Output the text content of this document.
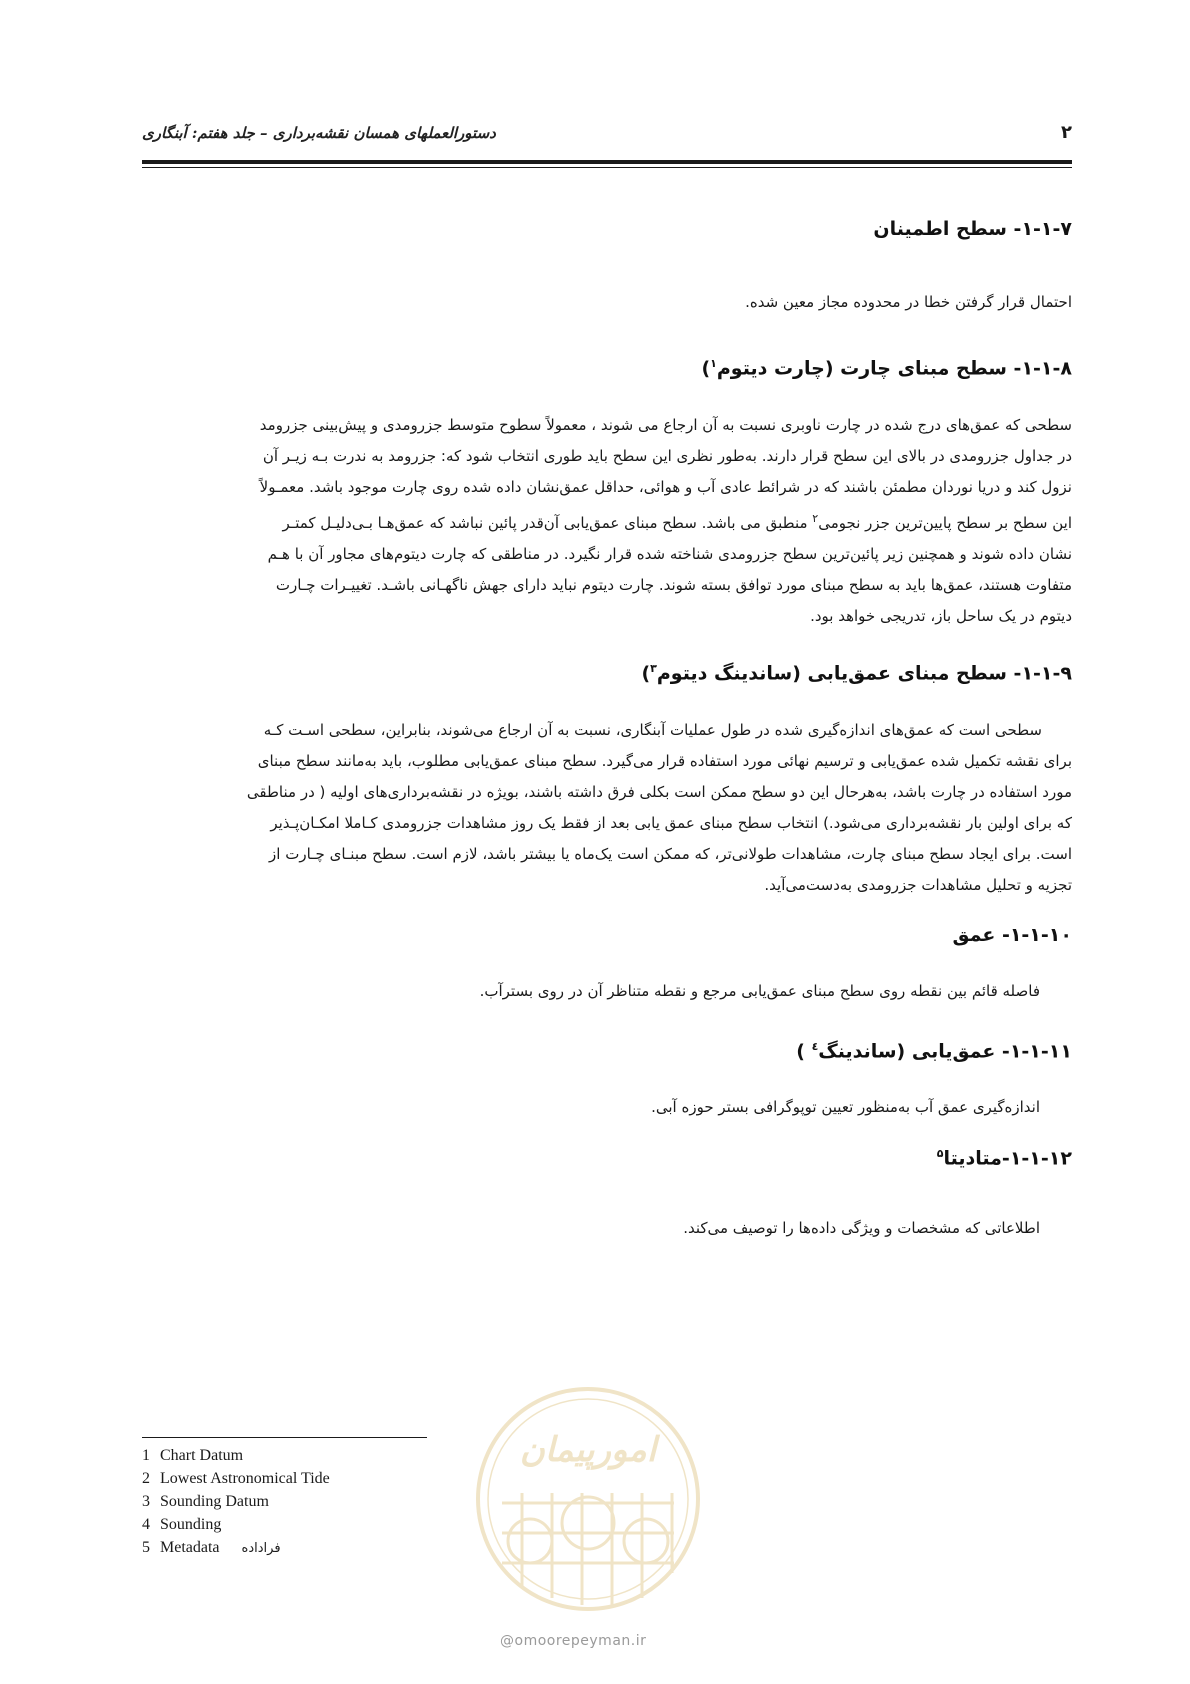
دستورالعملهای همسان نقشه‌برداری – جلد هفتم: آبنگاری	۲
۱-۱-۷- سطح اطمینان
احتمال قرار گرفتن خطا در محدوده مجاز معین شده.
۱-۱-۸- سطح مبنای چارت (چارت دیتوم$^۱$)
سطحی که عمق‌های درج شده در چارت ناوبری نسبت به آن ارجاع می شوند ، معمولاً سطوح متوسط جزرومدی و پیش‌بینی جزرومد
در جداول جزرومدی در بالای این سطح قرار دارند. به‌طور نظری این سطح باید طوری انتخاب شود که: جزرومد به ندرت بـه زیـر آن
نزول کند و دریا نوردان مطمئن باشند که در شرائط عادی آب و هوائی، حداقل عمق‌نشان داده شده روی چارت موجود باشد. معمـولاً
این سطح بر سطح پایین‌ترین جزر نجومی$^۲$ منطبق می باشد. سطح مبنای عمق‌یابی آن‌قدر پائین نباشد که عمق‌هـا بـی‌دلیـل کمتـر
نشان داده شوند و همچنین زیر پائین‌ترین سطح جزرومدی شناخته شده قرار نگیرد. در مناطقی که چارت دیتوم‌های مجاور آن با هـم
متفاوت هستند، عمق‌ها باید به سطح مبنای مورد توافق بسته شوند. چارت دیتوم نباید دارای جهش ناگهـانی باشـد. تغییـرات چـارت
دیتوم در یک ساحل باز، تدریجی خواهد بود.
۱-۱-۹- سطح مبنای عمق‌یابی (ساندینگ دیتوم$^۳$)
سطحی است که عمق‌های اندازه‌گیری شده در طول عملیات آبنگاری، نسبت به آن ارجاع می‌شوند، بنابراین، سطحی اسـت کـه
برای نقشه تکمیل شده عمق‌یابی و ترسیم نهائی مورد استفاده قرار می‌گیرد. سطح مبنای عمق‌یابی مطلوب، باید به‌مانند سطح مبنای
مورد استفاده در چارت باشد، به‌هرحال این دو سطح ممکن است بکلی فرق داشته باشند، بویژه در نقشه‌برداری‌های اولیه ( در مناطقی
که برای اولین بار نقشه‌برداری می‌شود.) انتخاب سطح مبنای عمق یابی بعد از فقط یک روز مشاهدات جزرومدی کـاملا امکـان‌پـذیر
است. برای ایجاد سطح مبنای چارت، مشاهدات طولانی‌تر، که ممکن است یک‌ماه یا بیشتر باشد، لازم است. سطح مبنـای چـارت از
تجزیه و تحلیل مشاهدات جزرومدی به‌دست‌می‌آید.
۱-۱-۱۰- عمق
فاصله قائم بین نقطه روی سطح مبنای عمق‌یابی مرجع و نقطه متناظر آن در روی بسترآب.
۱-۱-۱۱- عمق‌یابی (ساندینگ$^٤$ )
اندازه‌گیری عمق آب به‌منظور تعیین توپوگرافی بستر حوزه آبی.
۱-۱-۱۲-متادیتا$^۵$
اطلاعاتی که مشخصات و ویژگی داده‌ها را توصیف می‌کند.
1 Chart Datum
2 Lowest Astronomical Tide
3 Sounding Datum
4 Sounding
5 Metadata فراداده
امورپیمان
@omoorepeyman.ir
